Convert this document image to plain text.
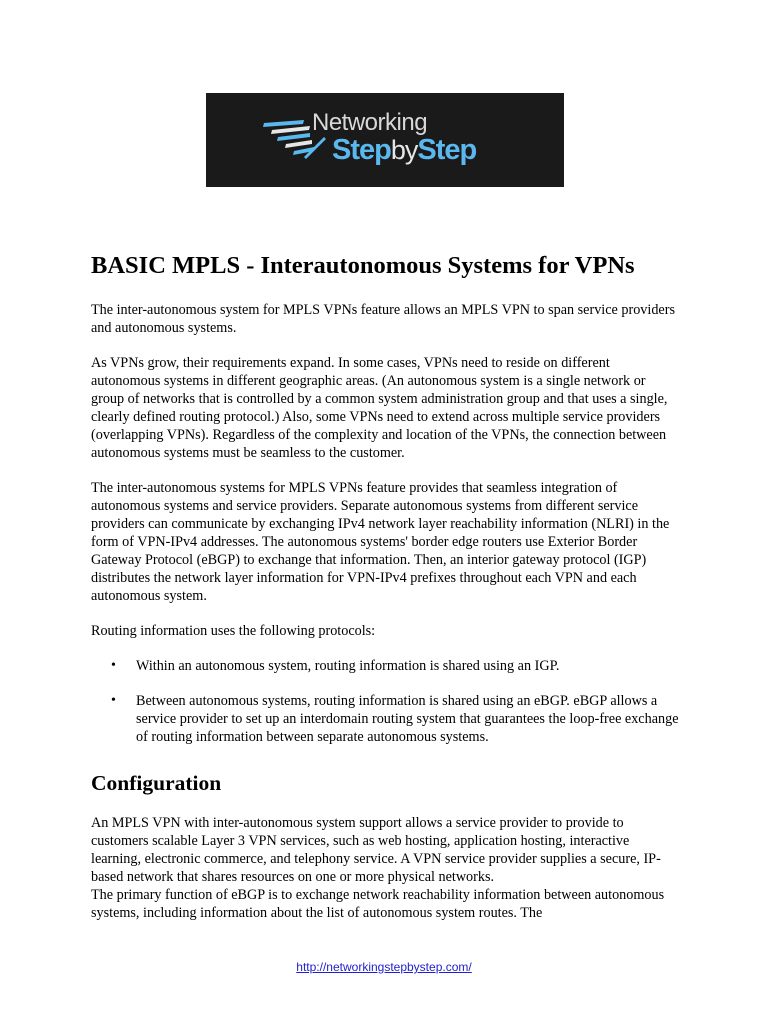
Networking
StepbyStep
BASIC MPLS - Interautonomous Systems for VPNs

The inter-autonomous system for MPLS VPNs feature allows an MPLS VPN to span service providers and autonomous systems.

As VPNs grow, their requirements expand. In some cases, VPNs need to reside on different autonomous systems in different geographic areas. (An autonomous system is a single network or group of networks that is controlled by a common system administration group and that uses a single, clearly defined routing protocol.) Also, some VPNs need to extend across multiple service providers (overlapping VPNs). Regardless of the complexity and location of the VPNs, the connection between autonomous systems must be seamless to the customer.

The inter-autonomous systems for MPLS VPNs feature provides that seamless integration of autonomous systems and service providers. Separate autonomous systems from different service providers can communicate by exchanging IPv4 network layer reachability information (NLRI) in the form of VPN-IPv4 addresses. The autonomous systems' border edge routers use Exterior Border Gateway Protocol (eBGP) to exchange that information. Then, an interior gateway protocol (IGP) distributes the network layer information for VPN-IPv4 prefixes throughout each VPN and each autonomous system.

Routing information uses the following protocols:

• Within an autonomous system, routing information is shared using an IGP.
• Between autonomous systems, routing information is shared using an eBGP. eBGP allows a service provider to set up an interdomain routing system that guarantees the loop-free exchange of routing information between separate autonomous systems.
Configuration

An MPLS VPN with inter-autonomous system support allows a service provider to provide to customers scalable Layer 3 VPN services, such as web hosting, application hosting, interactive learning, electronic commerce, and telephony service. A VPN service provider supplies a secure, IP-based network that shares resources on one or more physical networks.

The primary function of eBGP is to exchange network reachability information between autonomous systems, including information about the list of autonomous system routes. The

http://networkingstepbystep.com/
